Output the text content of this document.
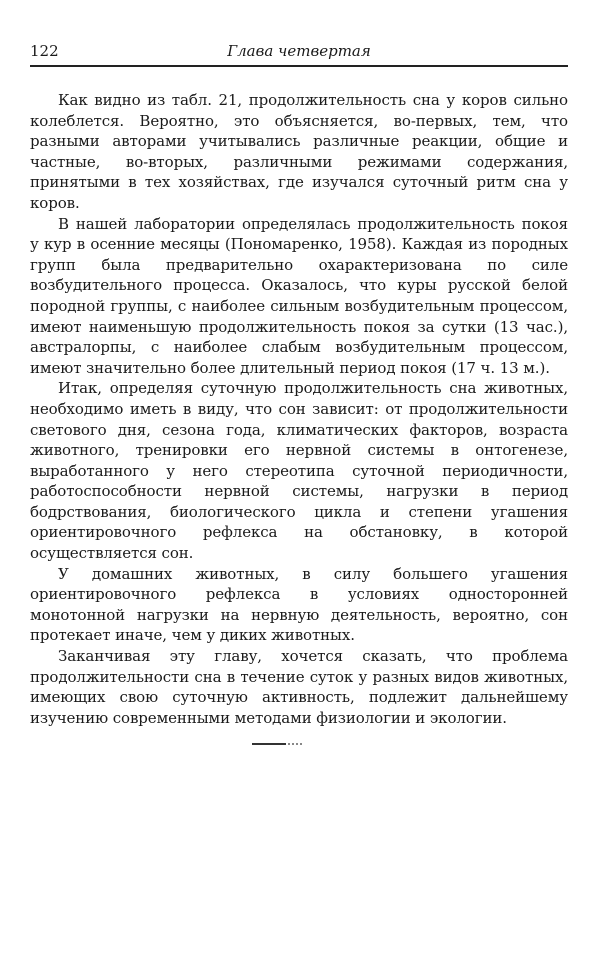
122	Глава четвертая

Как видно из табл. 21, продолжительность сна у коров сильно колеблется. Вероятно, это объясняется, во-первых, тем, что разными авторами учитывались различные реакции, общие и частные, во-вторых, различными режимами содержания, принятыми в тех хозяйствах, где изучался суточный ритм сна у коров.

В нашей лаборатории определялась продолжительность покоя у кур в осенние месяцы (Пономаренко, 1958). Каждая из породных групп была предварительно охарактеризована по силе возбудительного процесса. Оказалось, что куры русской белой породной группы, с наиболее сильным возбудительным процессом, имеют наименьшую продолжительность покоя за сутки (13 час.), австралорпы, с наиболее слабым возбудительным процессом, имеют значительно более длительный период покоя (17 ч. 13 м.).

Итак, определяя суточную продолжительность сна животных, необходимо иметь в виду, что сон зависит: от продолжительности светового дня, сезона года, климатических факторов, возраста животного, тренировки его нервной системы в онтогенезе, выработанного у него стереотипа суточной периодичности, работоспособности нервной системы, нагрузки в период бодрствования, биологического цикла и степени угашения ориентировочного рефлекса на обстановку, в которой осуществляется сон.

У домашних животных, в силу большего угашения ориентировочного рефлекса в условиях односторонней монотонной нагрузки на нервную деятельность, вероятно, сон протекает иначе, чем у диких животных.

Заканчивая эту главу, хочется сказать, что проблема продолжительности сна в течение суток у разных видов животных, имеющих свою суточную активность, подлежит дальнейшему изучению современными методами физиологии и экологии.
